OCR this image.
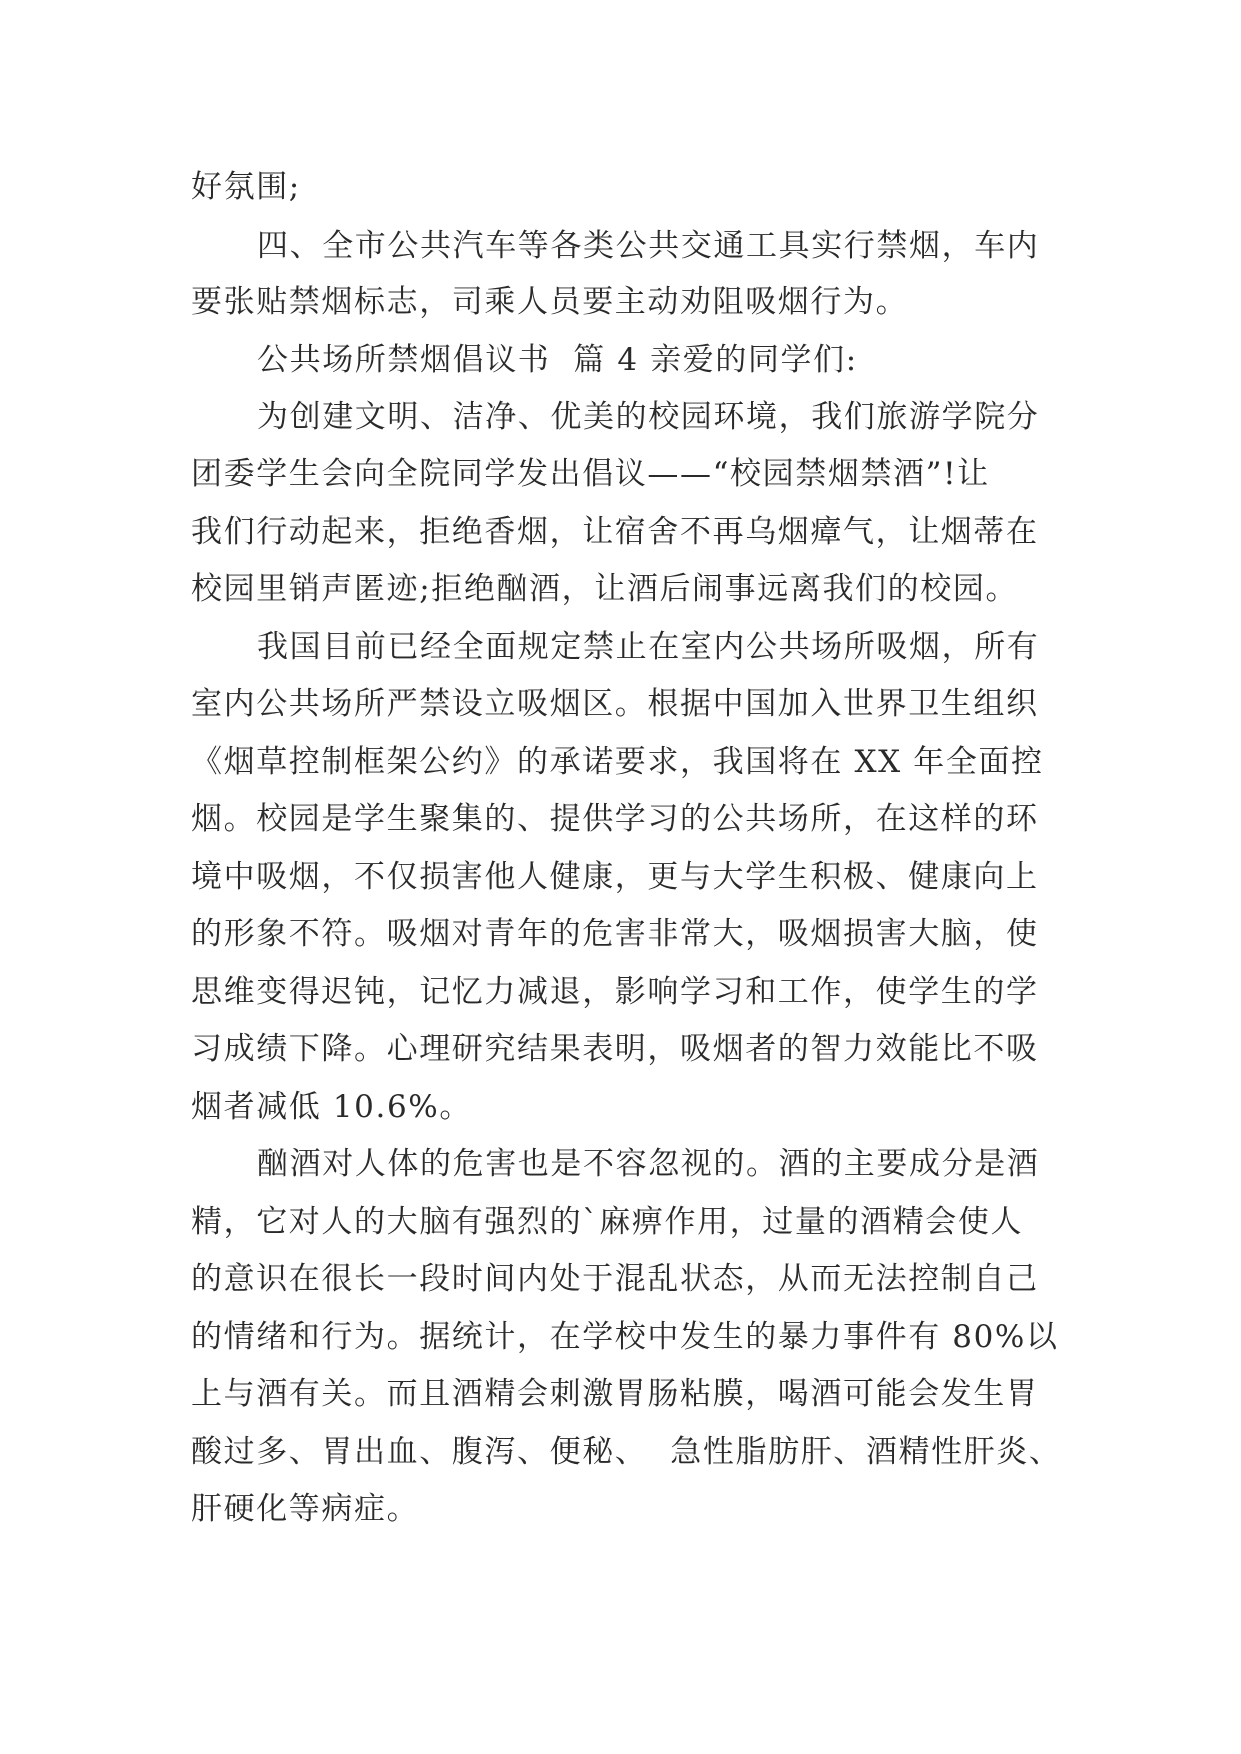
好氛围;
四、全市公共汽车等各类公共交通工具实行禁烟，车内
要张贴禁烟标志，司乘人员要主动劝阻吸烟行为。
公共场所禁烟倡议书  篇 4 亲爱的同学们:
为创建文明、洁净、优美的校园环境，我们旅游学院分
团委学生会向全院同学发出倡议——“校园禁烟禁酒”!让
我们行动起来，拒绝香烟，让宿舍不再乌烟瘴气，让烟蒂在
校园里销声匿迹;拒绝酗酒，让酒后闹事远离我们的校园。
我国目前已经全面规定禁止在室内公共场所吸烟，所有
室内公共场所严禁设立吸烟区。根据中国加入世界卫生组织
《烟草控制框架公约》的承诺要求，我国将在 XX 年全面控
烟。校园是学生聚集的、提供学习的公共场所，在这样的环
境中吸烟，不仅损害他人健康，更与大学生积极、健康向上
的形象不符。吸烟对青年的危害非常大，吸烟损害大脑，使
思维变得迟钝，记忆力减退，影响学习和工作，使学生的学
习成绩下降。心理研究结果表明，吸烟者的智力效能比不吸
烟者减低 10.6%。
酗酒对人体的危害也是不容忽视的。酒的主要成分是酒
精，它对人的大脑有强烈的`麻痹作用，过量的酒精会使人
的意识在很长一段时间内处于混乱状态，从而无法控制自己
的情绪和行为。据统计，在学校中发生的暴力事件有 80%以
上与酒有关。而且酒精会刺激胃肠粘膜，喝酒可能会发生胃
酸过多、胃出血、腹泻、便秘、  急性脂肪肝、酒精性肝炎、
肝硬化等病症。
